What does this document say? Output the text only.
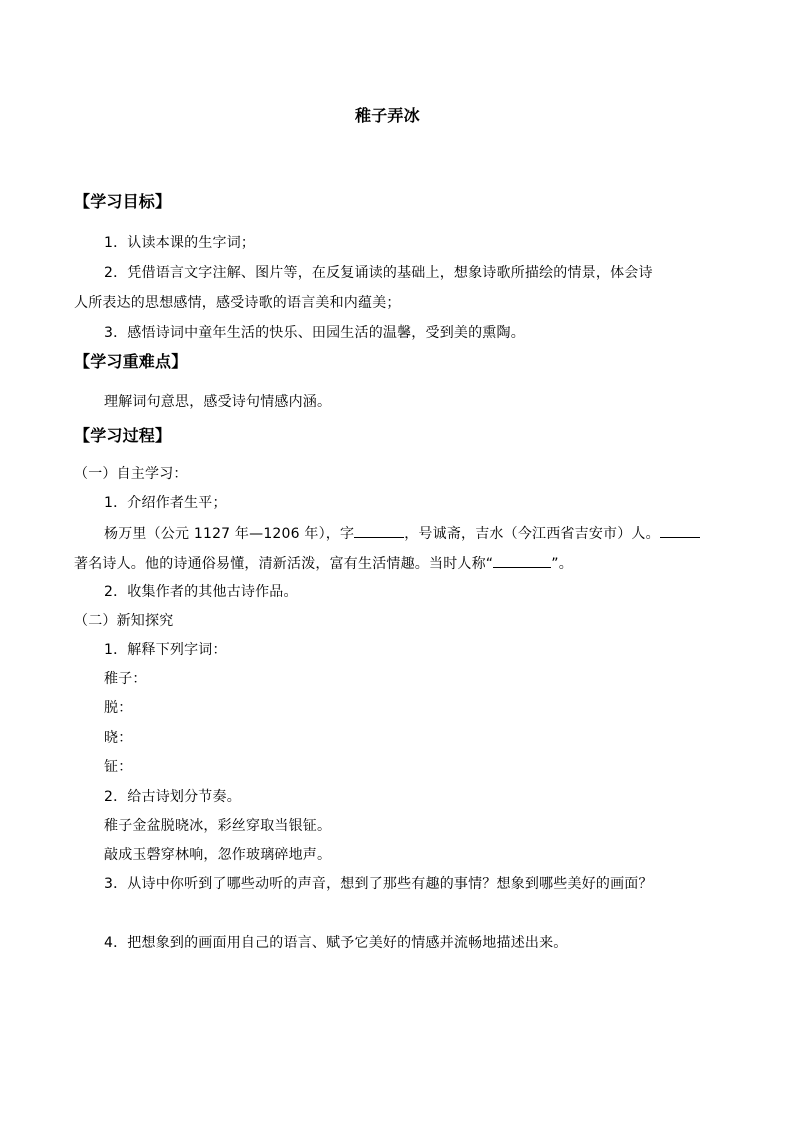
稚子弄冰
【学习目标】
1．认读本课的生字词；
2．凭借语言文字注解、图片等，在反复诵读的基础上，想象诗歌所描绘的情景，体会诗
人所表达的思想感情，感受诗歌的语言美和内蕴美；
3．感悟诗词中童年生活的快乐、田园生活的温馨，受到美的熏陶。
【学习重难点】
理解词句意思，感受诗句情感内涵。
【学习过程】
（一）自主学习：
1．介绍作者生平；
杨万里（公元 1127 年—1206 年），字	，号诚斋，吉水（今江西省吉安市）人。
著名诗人。他的诗通俗易懂，清新活泼，富有生活情趣。当时人称“	”。
2．收集作者的其他古诗作品。
（二）新知探究
1．解释下列字词：
稚子：
脱：
晓：
钲：
2．给古诗划分节奏。
稚子金盆脱晓冰，彩丝穿取当银钲。
敲成玉磬穿林响，忽作玻璃碎地声。
3．从诗中你听到了哪些动听的声音，想到了那些有趣的事情？想象到哪些美好的画面？
4．把想象到的画面用自己的语言、赋予它美好的情感并流畅地描述出来。
